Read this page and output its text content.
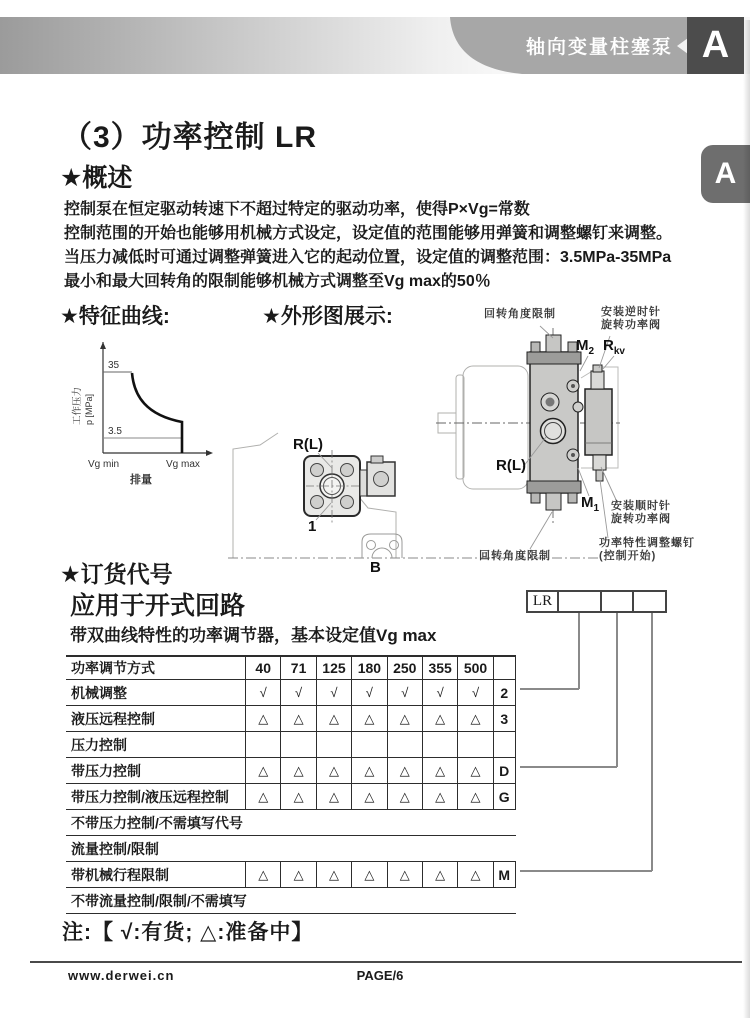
轴向变量柱塞泵 A
A
（3）功率控制 LR
★概述
控制泵在恒定驱动转速下不超过特定的驱动功率，使得P×Vg=常数
控制范围的开始也能够用机械方式设定，设定值的范围能够用弹簧和调整螺钉来调整。
当压力减低时可通过调整弹簧进入它的起动位置，设定值的调整范围：3.5MPa-35MPa
最小和最大回转角的限制能够机械方式调整至Vg max的50％
★特征曲线:	★外形图展示:
35
3.5
Vg min	Vg max
排量
工作压力 p [MPa]
回转角度限制	安装逆时针
旋转功率阀
$M_2$ $R_{kv}$
R(L)
R(L)
1
B
$M_1$ 安装顺时针
旋转功率阀
功率特性调整螺钉
(控制开始)
回转角度限制
★订货代号
应用于开式回路
带双曲线特性的功率调节器，基本设定值Vg max
LR
功率调节方式	40	71	125 180 250 355 500
机械调整	√	√	√	√	√	√	√	2
液压远程控制	△	△	△	△	△	△	△	3
压力控制
带压力控制	△	△	△	△	△	△	△	D
带压力控制/液压远程控制	△	△	△	△	△	△	△	G
不带压力控制/不需填写代号
流量控制/限制
带机械行程限制	△	△	△	△	△	△	△	M
不带流量控制/限制/不需填写
注:【 √:有货; △:准备中】
www.derwei.cn	PAGE/6
